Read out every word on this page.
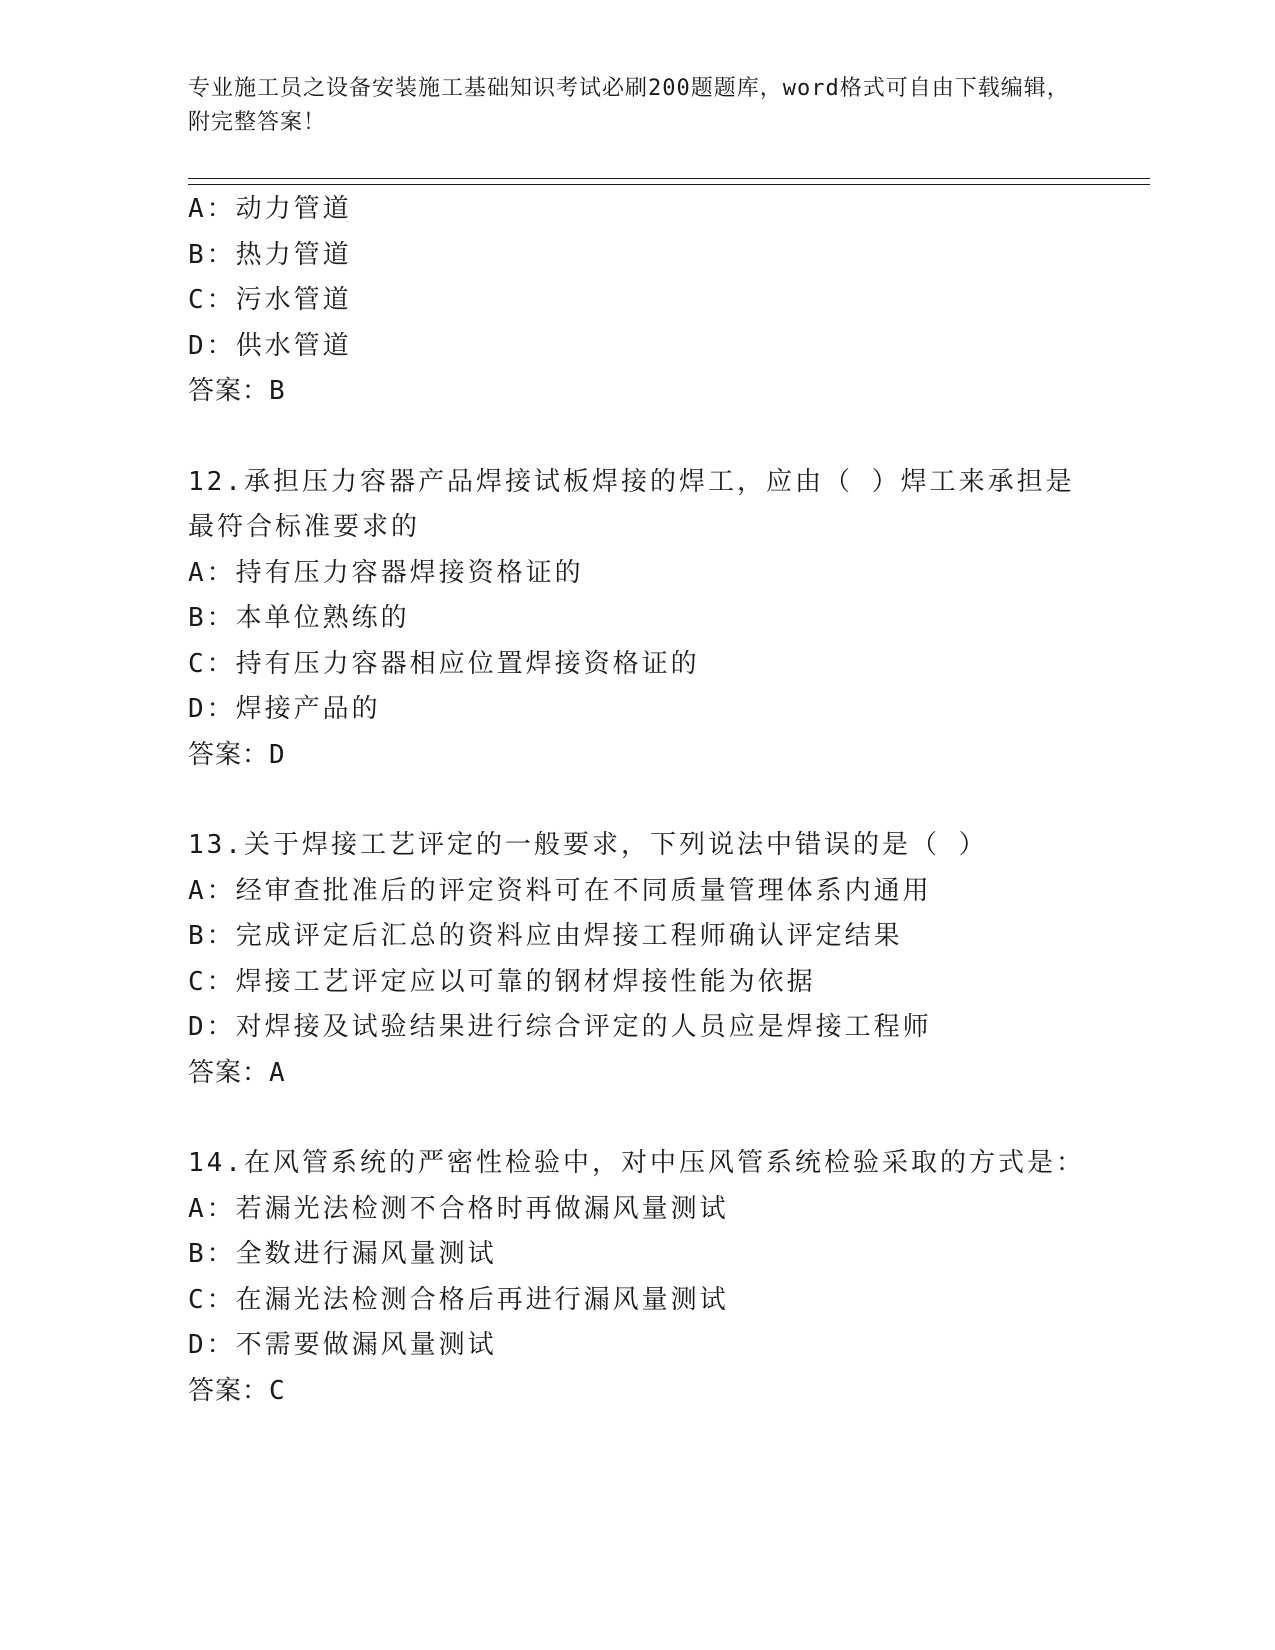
专业施工员之设备安装施工基础知识考试必刷200题题库，word格式可自由下载编辑，附完整答案！
A：动力管道
B：热力管道
C：污水管道
D：供水管道
答案：B
12.承担压力容器产品焊接试板焊接的焊工，应由（ ）焊工来承担是最符合标准要求的
A：持有压力容器焊接资格证的
B：本单位熟练的
C：持有压力容器相应位置焊接资格证的
D：焊接产品的
答案：D
13.关于焊接工艺评定的一般要求，下列说法中错误的是（ ）
A：经审查批准后的评定资料可在不同质量管理体系内通用
B：完成评定后汇总的资料应由焊接工程师确认评定结果
C：焊接工艺评定应以可靠的钢材焊接性能为依据
D：对焊接及试验结果进行综合评定的人员应是焊接工程师
答案：A
14.在风管系统的严密性检验中，对中压风管系统检验采取的方式是：
A：若漏光法检测不合格时再做漏风量测试
B：全数进行漏风量测试
C：在漏光法检测合格后再进行漏风量测试
D：不需要做漏风量测试
答案：C
